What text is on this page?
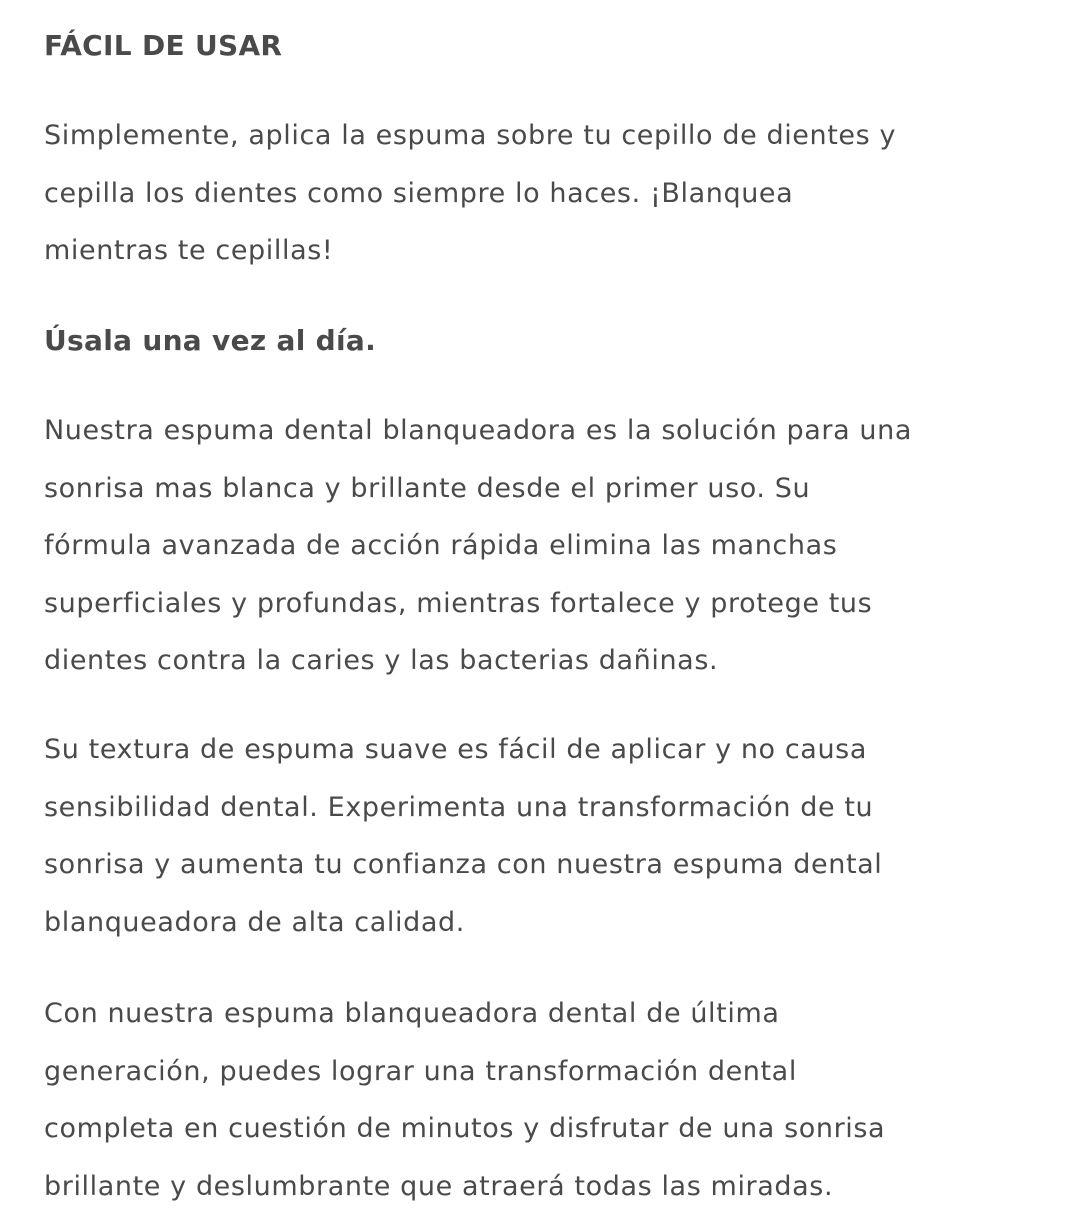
FÁCIL DE USAR

Simplemente, aplica la espuma sobre tu cepillo de dientes y
cepilla los dientes como siempre lo haces. ¡Blanquea
mientras te cepillas!

Úsala una vez al día.

Nuestra espuma dental blanqueadora es la solución para una
sonrisa mas blanca y brillante desde el primer uso. Su
fórmula avanzada de acción rápida elimina las manchas
superficiales y profundas, mientras fortalece y protege tus
dientes contra la caries y las bacterias dañinas.

Su textura de espuma suave es fácil de aplicar y no causa
sensibilidad dental. Experimenta una transformación de tu
sonrisa y aumenta tu confianza con nuestra espuma dental
blanqueadora de alta calidad.

Con nuestra espuma blanqueadora dental de última
generación, puedes lograr una transformación dental
completa en cuestión de minutos y disfrutar de una sonrisa
brillante y deslumbrante que atraerá todas las miradas.
